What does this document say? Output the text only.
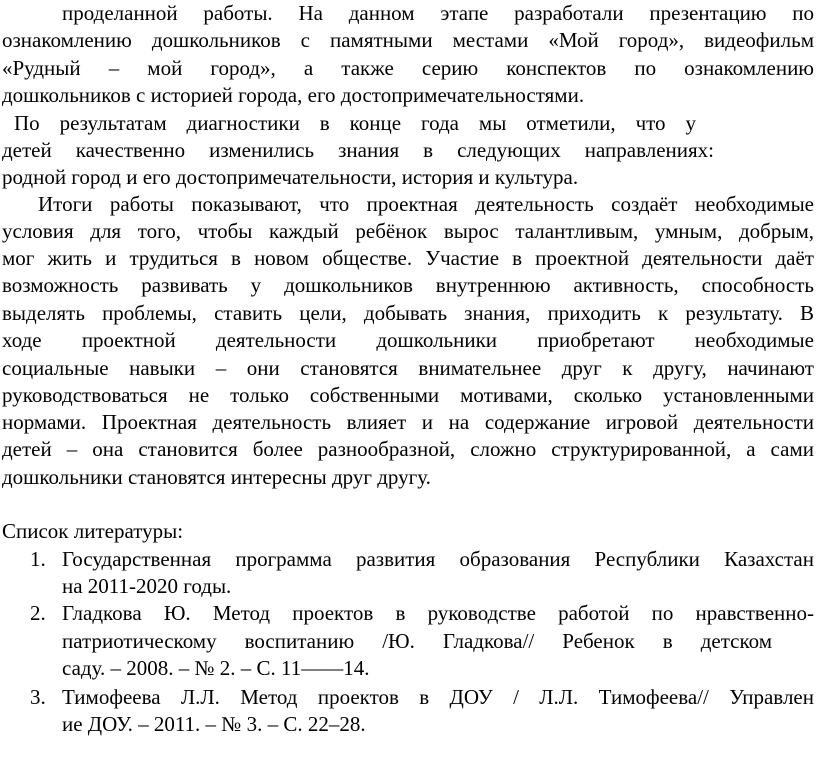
проделанной работы. На данном этапе разработали презентацию по
ознакомлению дошкольников с памятными местами «Мой город», видеофильм
«Рудный – мой город», а также серию конспектов по ознакомлению
дошкольников с историей города, его достопримечательностями.
По результатам диагностики в конце года мы отметили, что у
детей качественно изменились знания в следующих направлениях:
родной город и его достопримечательности, история и культура.
Итоги работы показывают, что проектная деятельность создаёт необходимые
условия для того, чтобы каждый ребёнок вырос талантливым, умным, добрым,
мог жить и трудиться в новом обществе. Участие в проектной деятельности даёт
возможность развивать у дошкольников внутреннюю активность, способность
выделять проблемы, ставить цели, добывать знания, приходить к результату. В
ходе проектной деятельности дошкольники приобретают необходимые
социальные навыки – они становятся внимательнее друг к другу, начинают
руководствоваться не только собственными мотивами, сколько установленными
нормами. Проектная деятельность влияет и на содержание игровой деятельности
детей – она становится более разнообразной, сложно структурированной, а сами
дошкольники становятся интересны друг другу.
Список литературы:
1. Государственная программа развития образования Республики Казахстан
на 2011-2020 годы.
2. Гладкова Ю. Метод проектов в руководстве работой по нравственно-
патриотическому воспитанию /Ю. Гладкова// Ребенок в детском
саду. – 2008. – № 2. – С. 11——14.
3. Тимофеева Л.Л. Метод проектов в ДОУ / Л.Л. Тимофеева// Управлен
ие ДОУ. – 2011. – № 3. – С. 22–28.
